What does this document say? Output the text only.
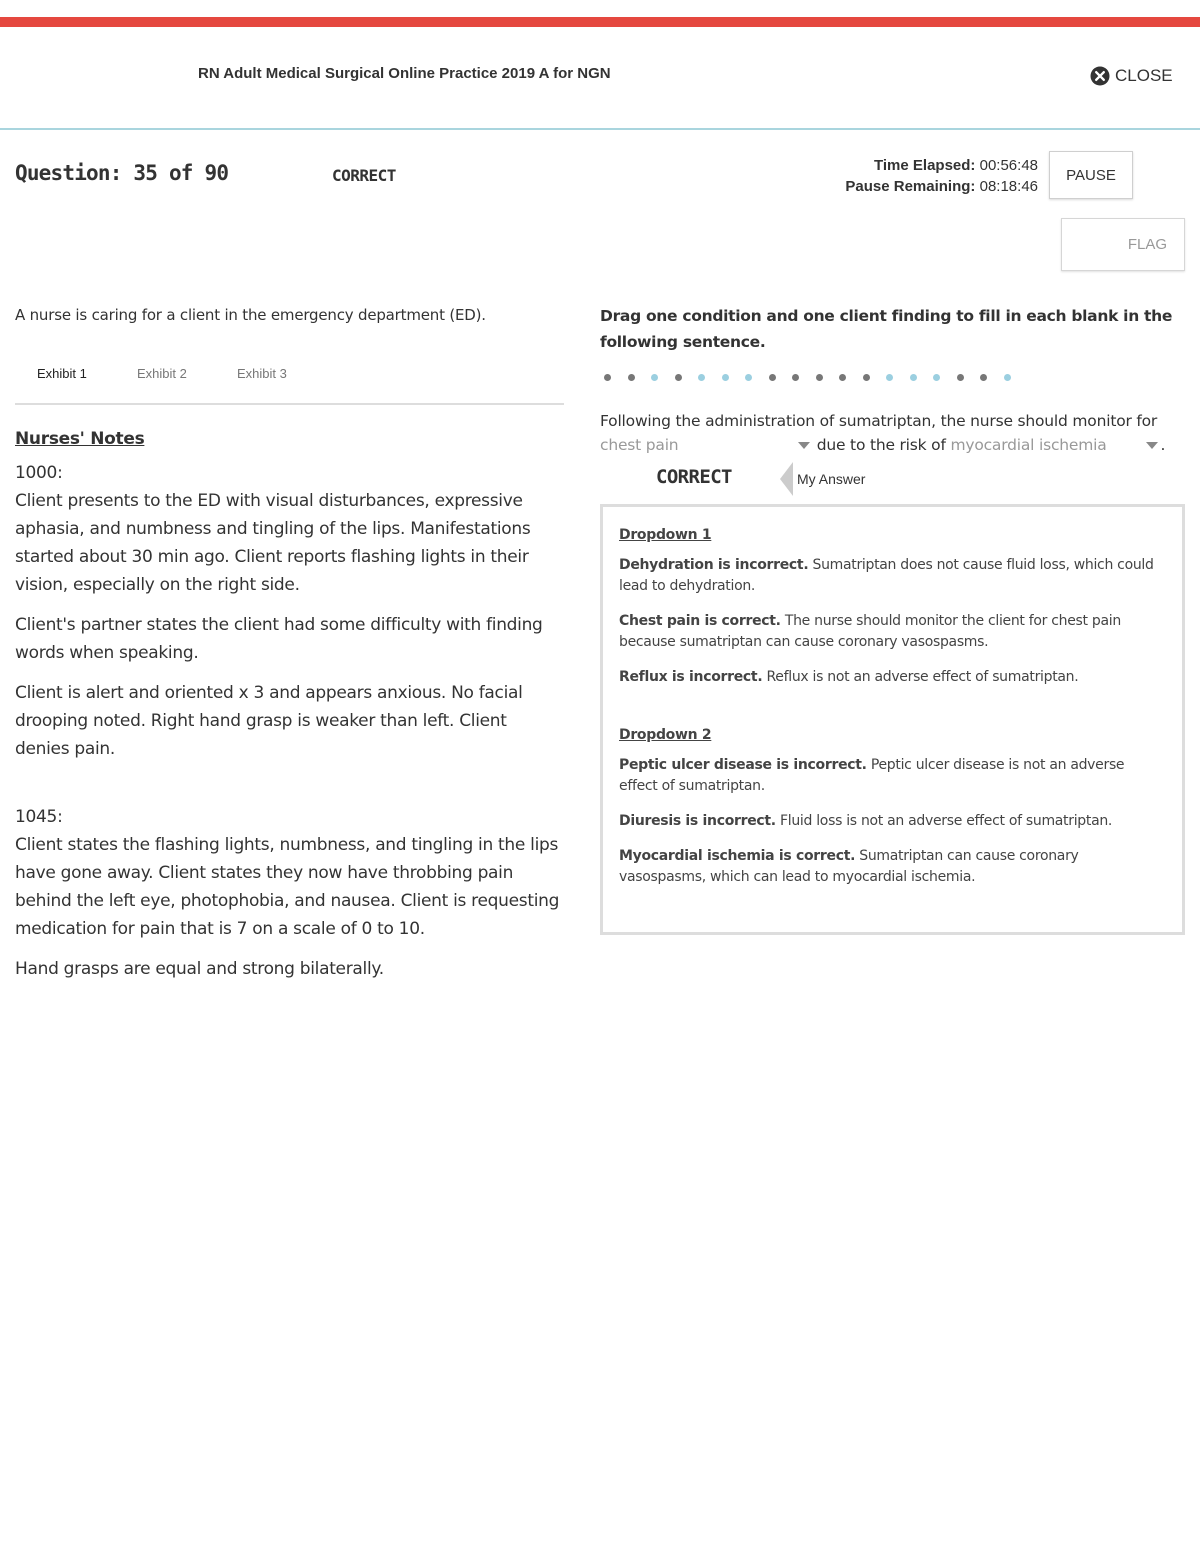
RN Adult Medical Surgical Online Practice 2019 A for NGN	CLOSE
Question: 35 of 90	CORRECT
Time Elapsed: 00:56:48
Pause Remaining: 08:18:46
PAUSE
FLAG
A nurse is caring for a client in the emergency department (ED).
Exhibit 1	Exhibit 2	Exhibit 3
Nurses' Notes
1000:

Client presents to the ED with visual disturbances, expressive aphasia, and numbness and tingling of the lips. Manifestations started about 30 min ago. Client reports flashing lights in their vision, especially on the right side.

Client's partner states the client had some difficulty with finding words when speaking.

Client is alert and oriented x 3 and appears anxious. No facial drooping noted. Right hand grasp is weaker than left. Client denies pain.

1045:

Client states the flashing lights, numbness, and tingling in the lips have gone away. Client states they now have throbbing pain behind the left eye, photophobia, and nausea. Client is requesting medication for pain that is 7 on a scale of 0 to 10.

Hand grasps are equal and strong bilaterally.

Drag one condition and one client finding to fill in each blank in the following sentence.
Following the administration of sumatriptan, the nurse should monitor for
chest pain	due to the risk of myocardial ischemia	.
CORRECT	My Answer
Dropdown 1

Dehydration is incorrect. Sumatriptan does not cause fluid loss, which could lead to dehydration.

Chest pain is correct. The nurse should monitor the client for chest pain because sumatriptan can cause coronary vasospasms.

Reflux is incorrect. Reflux is not an adverse effect of sumatriptan.

Dropdown 2

Peptic ulcer disease is incorrect. Peptic ulcer disease is not an adverse effect of sumatriptan.

Diuresis is incorrect. Fluid loss is not an adverse effect of sumatriptan.

Myocardial ischemia is correct. Sumatriptan can cause coronary vasospasms, which can lead to myocardial ischemia.
